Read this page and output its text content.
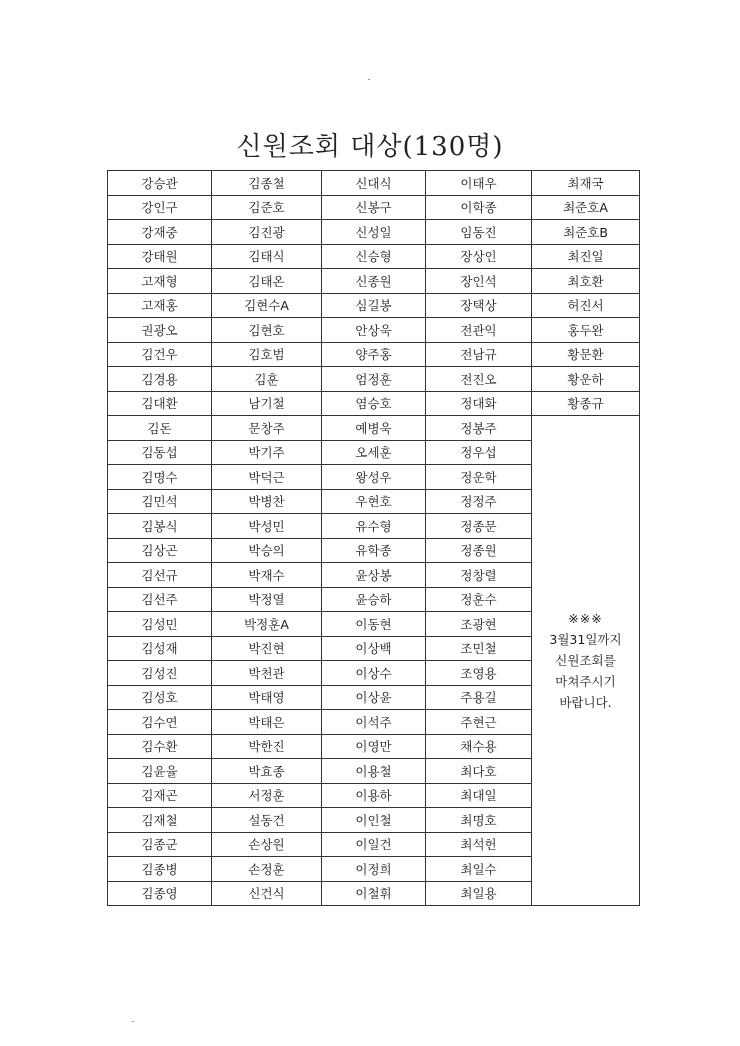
신원조회 대상(130명)
강승관	김종철	신대식	이태우	최재국
강인구	김준호	신봉구	이학종	최준호A
강재중	김진광	신성일	임동진	최준호B
강태원	김태식	신승형	장상인	최진일
고재형	김태온	신종원	장인석	최호환
고재홍	김현수A	심길봉	장택상	허진서
권광오	김현호	안상욱	전관익	홍두완
김건우	김호범	양주홍	전남규	황문환
김경용	김훈	엄정훈	전진오	황운하
김대환	남기철	염승호	정대화	황종규
김돈	문창주	예병욱	정봉주	※※※
3월31일까지
신원조회를
마쳐주시기
바랍니다.

김동섭	박기주	오세훈	정우섭	
김명수	박덕근	왕성우	정운학	
김민석	박병찬	우현호	정정주	
김봉식	박성민	유수형	정종문	
김상곤	박승의	유학종	정종원	
김선규	박재수	윤상봉	정창렬	
김선주	박정열	윤승하	정훈수	
김성민	박정훈A	이동현	조광현	
김성재	박진현	이상백	조민철	
김성진	박천관	이상수	조영용	
김성호	박태영	이상윤	주용길	
김수연	박태은	이석주	주현근	
김수환	박한진	이영만	채수용	
김윤율	박효종	이용철	최다호	
김재곤	서정훈	이용하	최대일	
김재철	설동건	이인철	최명호	
김종군	손상원	이일건	최석헌	
김종병	손정훈	이정희	최일수	
김종영	신건식	이철휘	최일용	
